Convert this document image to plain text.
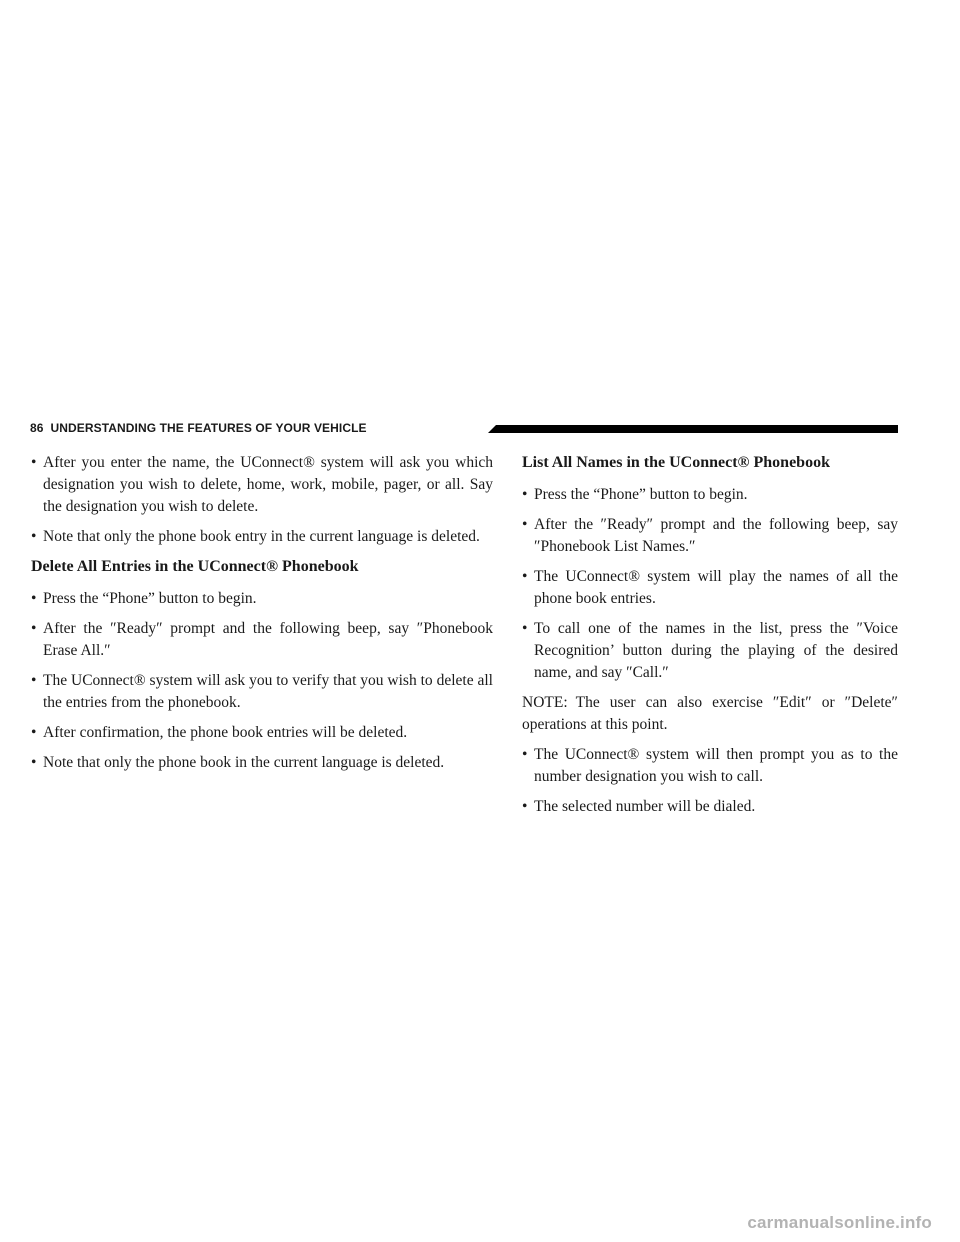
86 UNDERSTANDING THE FEATURES OF YOUR VEHICLE
• After you enter the name, the UConnect® system will ask you which designation you wish to delete, home, work, mobile, pager, or all. Say the designation you wish to delete.
• Note that only the phone book entry in the current language is deleted.
Delete All Entries in the UConnect® Phonebook
• Press the “Phone” button to begin.
• After the ″Ready″ prompt and the following beep, say ″Phonebook Erase All.″
• The UConnect® system will ask you to verify that you wish to delete all the entries from the phonebook.
• After confirmation, the phone book entries will be deleted.
• Note that only the phone book in the current language is deleted.
List All Names in the UConnect® Phonebook
• Press the “Phone” button to begin.
• After the ″Ready″ prompt and the following beep, say ″Phonebook List Names.″
• The UConnect® system will play the names of all the phone book entries.
• To call one of the names in the list, press the ″Voice Recognition’ button during the playing of the desired name, and say ″Call.″
NOTE: The user can also exercise ″Edit″ or ″Delete″ operations at this point.
• The UConnect® system will then prompt you as to the number designation you wish to call.
• The selected number will be dialed.
carmanualsonline.info
